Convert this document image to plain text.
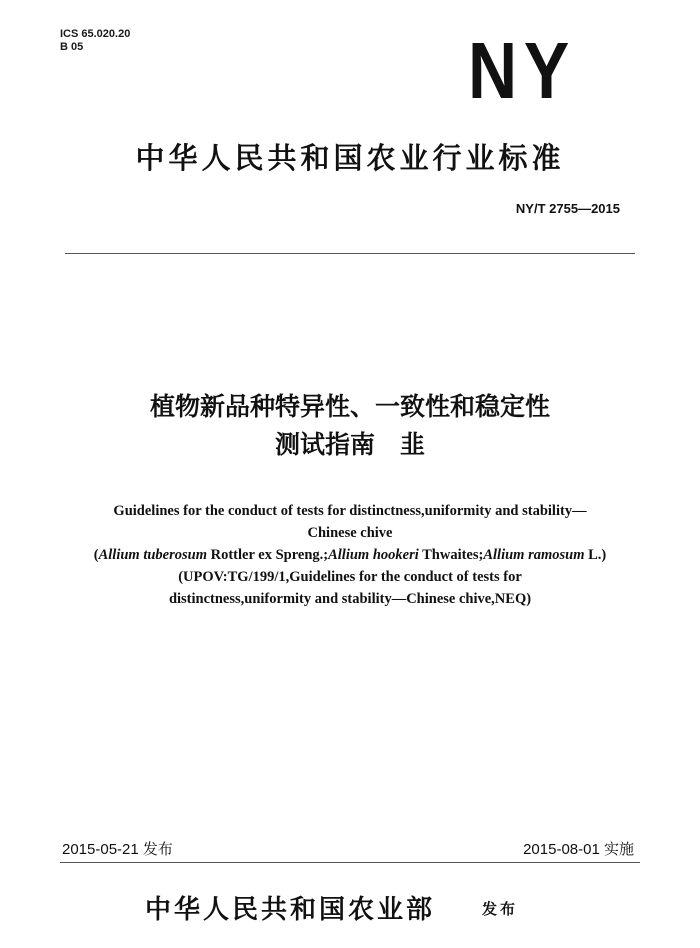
ICS 65.020.20
B 05	NY
中华人民共和国农业行业标准
NY/T 2755—2015
植物新品种特异性、一致性和稳定性
测试指南　韭
Guidelines for the conduct of tests for distinctness,uniformity and stability—
Chinese chive
(Allium tuberosum Rottler ex Spreng.;Allium hookeri Thwaites;Allium ramosum L.)
(UPOV:TG/199/1,Guidelines for the conduct of tests for
distinctness,uniformity and stability—Chinese chive,NEQ)
2015-05-21 发布	2015-08-01 实施
中华人民共和国农业部	发布
